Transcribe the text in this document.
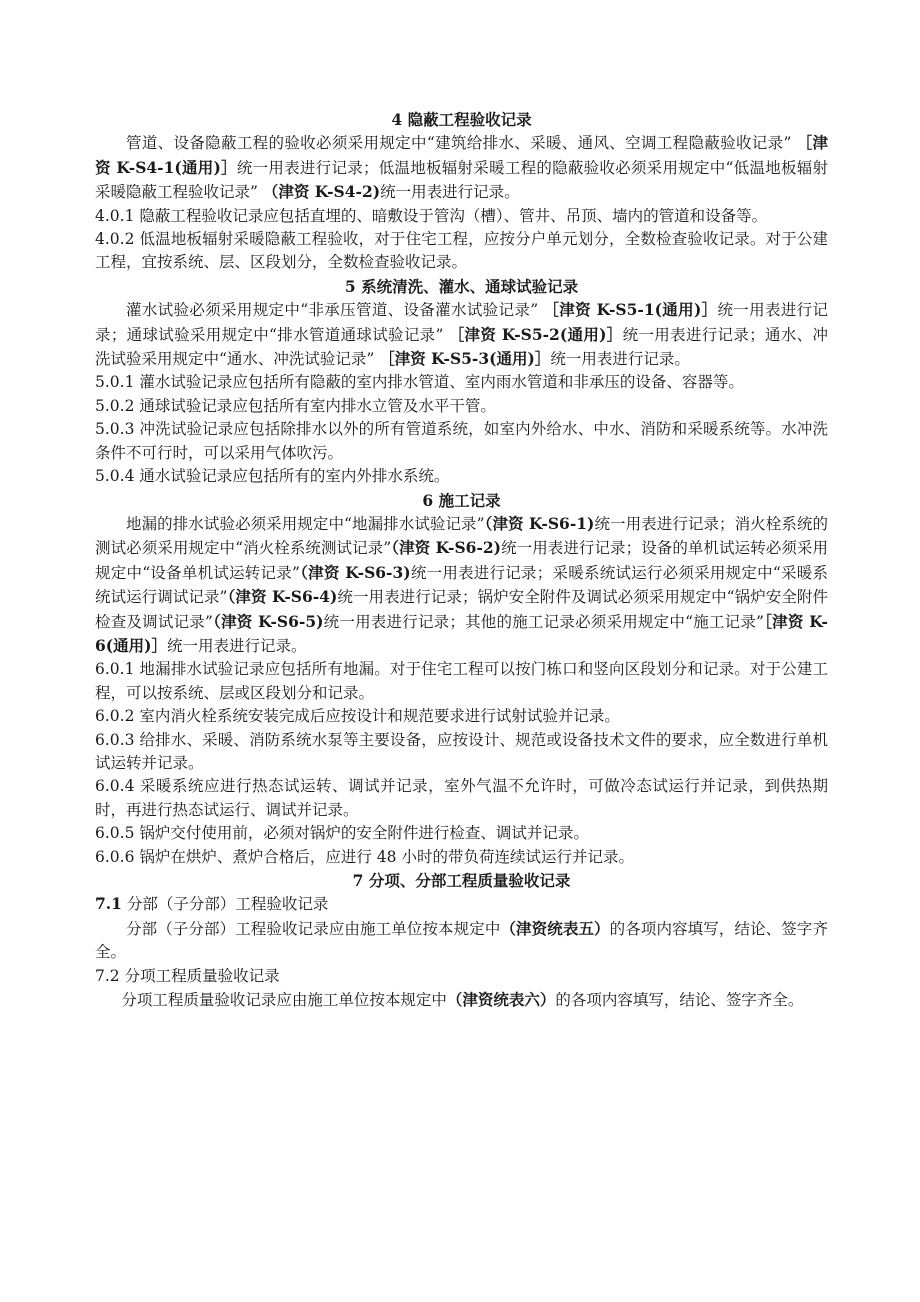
4 隐蔽工程验收记录

管道、设备隐蔽工程的验收必须采用规定中“建筑给排水、采暖、通风、空调工程隐蔽验收记录” ［津资 K-S4-1(通用)］统一用表进行记录；低温地板辐射采暖工程的隐蔽验收必须采用规定中“低温地板辐射采暖隐蔽工程验收记录” （津资 K-S4-2)统一用表进行记录。

4.0.1 隐蔽工程验收记录应包括直埋的、暗敷设于管沟（槽）、管井、吊顶、墙内的管道和设备等。

4.0.2 低温地板辐射采暖隐蔽工程验收，对于住宅工程，应按分户单元划分，全数检查验收记录。对于公建工程，宜按系统、层、区段划分，全数检查验收记录。

5 系统清洗、灌水、通球试验记录

灌水试验必须采用规定中“非承压管道、设备灌水试验记录” ［津资 K-S5-1(通用)］统一用表进行记录；通球试验采用规定中“排水管道通球试验记录” ［津资 K-S5-2(通用)］统一用表进行记录；通水、冲洗试验采用规定中“通水、冲洗试验记录” ［津资 K-S5-3(通用)］统一用表进行记录。

5.0.1 灌水试验记录应包括所有隐蔽的室内排水管道、室内雨水管道和非承压的设备、容器等。

5.0.2 通球试验记录应包括所有室内排水立管及水平干管。

5.0.3 冲洗试验记录应包括除排水以外的所有管道系统，如室内外给水、中水、消防和采暖系统等。水冲洗条件不可行时，可以采用气体吹污。

5.0.4 通水试验记录应包括所有的室内外排水系统。

6 施工记录

地漏的排水试验必须采用规定中“地漏排水试验记录”（津资 K-S6-1)统一用表进行记录；消火栓系统的测试必须采用规定中“消火栓系统测试记录”（津资 K-S6-2)统一用表进行记录；设备的单机试运转必须采用规定中“设备单机试运转记录”（津资 K-S6-3)统一用表进行记录；采暖系统试运行必须采用规定中“采暖系统试运行调试记录”（津资 K-S6-4)统一用表进行记录；锅炉安全附件及调试必须采用规定中“锅炉安全附件检查及调试记录”（津资 K-S6-5)统一用表进行记录；其他的施工记录必须采用规定中“施工记录”［津资 K-6(通用)］统一用表进行记录。

6.0.1 地漏排水试验记录应包括所有地漏。对于住宅工程可以按门栋口和竖向区段划分和记录。对于公建工程，可以按系统、层或区段划分和记录。

6.0.2 室内消火栓系统安装完成后应按设计和规范要求进行试射试验并记录。

6.0.3 给排水、采暖、消防系统水泵等主要设备，应按设计、规范或设备技术文件的要求，应全数进行单机试运转并记录。

6.0.4 采暖系统应进行热态试运转、调试并记录，室外气温不允许时，可做冷态试运行并记录，到供热期时，再进行热态试运行、调试并记录。

6.0.5 锅炉交付使用前，必须对锅炉的安全附件进行检查、调试并记录。

6.0.6 锅炉在烘炉、煮炉合格后，应进行 48 小时的带负荷连续试运行并记录。

7 分项、分部工程质量验收记录

7.1 分部（子分部）工程验收记录

分部（子分部）工程验收记录应由施工单位按本规定中（津资统表五）的各项内容填写，结论、签字齐全。

7.2 分项工程质量验收记录

分项工程质量验收记录应由施工单位按本规定中（津资统表六）的各项内容填写，结论、签字齐全。
